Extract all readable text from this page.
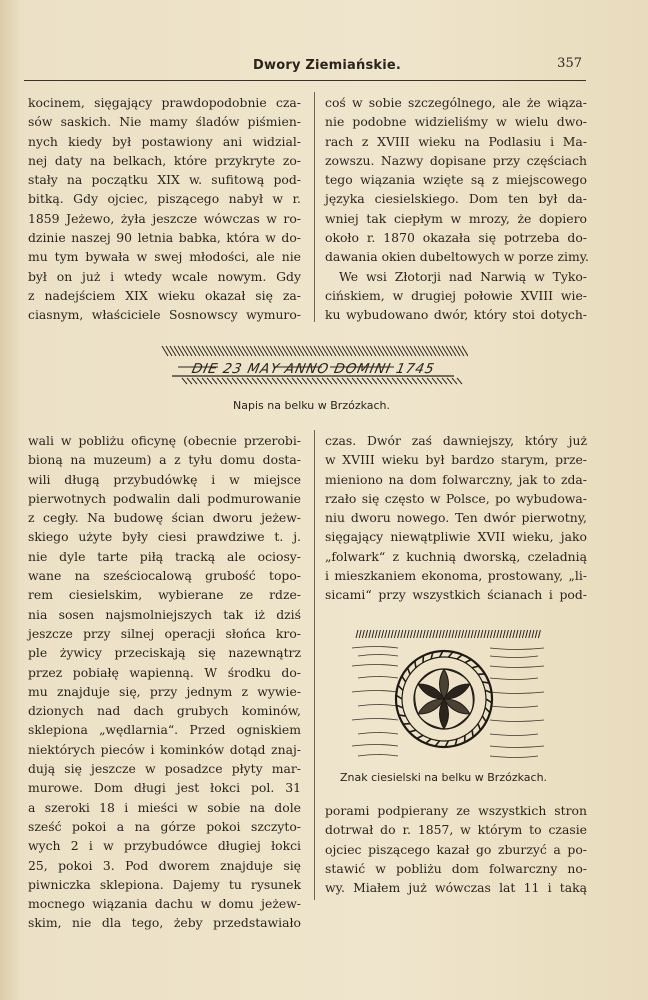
Dwory Ziemiańskie.	357
kocinem, sięgający prawdopodobnie cza-
sów saskich. Nie mamy śladów piśmien-
nych kiedy był postawiony ani widzial-
nej daty na belkach, które przykryte zo-
stały na początku XIX w. sufitową pod-
bitką. Gdy ojciec, piszącego nabył w r.
1859 Jeżewo, żyła jeszcze wówczas w ro-
dzinie naszej 90 letnia babka, która w do-
mu tym bywała w swej młodości, ale nie
był on już i wtedy wcale nowym. Gdy
z nadejściem XIX wieku okazał się za-
ciasnym, właściciele Sosnowscy wymuro-
coś w sobie szczególnego, ale że wiąza-
nie podobne widzieliśmy w wielu dwo-
rach z XVIII wieku na Podlasiu i Ma-
zowszu. Nazwy dopisane przy częściach
tego wiązania wzięte są z miejscowego
języka ciesielskiego. Dom ten był da-
wniej tak ciepłym w mrozy, że dopiero
około r. 1870 okazała się potrzeba do-
dawania okien dubeltowych w porze zimy.
We wsi Złotorji nad Narwią w Tyko-
cińskiem, w drugiej połowie XVIII wie-
ku wybudowano dwór, który stoi dotych-
DIE 23 MAY ANNO DOMINI 1745
Napis na belku w Brzózkach.
wali w pobliżu oficynę (obecnie przerobi-
bioną na muzeum) a z tyłu domu dosta-
wili długą przybudówkę i w miejsce
pierwotnych podwalin dali podmurowanie
z cegły. Na budowę ścian dworu jeżew-
skiego użyte były ciesi prawdziwe t. j.
nie dyle tarte piłą tracką ale ociosy-
wane na sześciocalową grubość topo-
rem ciesielskim, wybierane ze rdze-
nia sosen najsmolniejszych tak iż dziś
jeszcze przy silnej operacji słońca kro-
ple żywicy przeciskają się nazewnątrz
przez pobiałę wapienną. W środku do-
mu znajduje się, przy jednym z wywie-
dzionych nad dach grubych kominów,
sklepiona „wędlarnia“. Przed ogniskiem
niektórych pieców i kominków dotąd znaj-
dują się jeszcze w posadzce płyty mar-
murowe. Dom długi jest łokci pol. 31
a szeroki 18 i mieści w sobie na dole
sześć pokoi a na górze pokoi szczyto-
wych 2 i w przybudówce długiej łokci
25, pokoi 3. Pod dworem znajduje się
piwniczka sklepiona. Dajemy tu rysunek
mocnego wiązania dachu w domu jeżew-
skim, nie dla tego, żeby przedstawiało
czas. Dwór zaś dawniejszy, który już
w XVIII wieku był bardzo starym, prze-
mieniono na dom folwarczny, jak to zda-
rzało się często w Polsce, po wybudowa-
niu dworu nowego. Ten dwór pierwotny,
sięgający niewątpliwie XVII wieku, jako
„folwark“ z kuchnią dworską, czeladnią
i mieszkaniem ekonoma, prostowany, „li-
sicami“ przy wszystkich ścianach i pod-
Znak ciesielski na belku w Brzózkach.
porami podpierany ze wszystkich stron
dotrwał do r. 1857, w którym to czasie
ojciec piszącego kazał go zburzyć a po-
stawić w pobliżu dom folwarczny no-
wy. Miałem już wówczas lat 11 i taką
